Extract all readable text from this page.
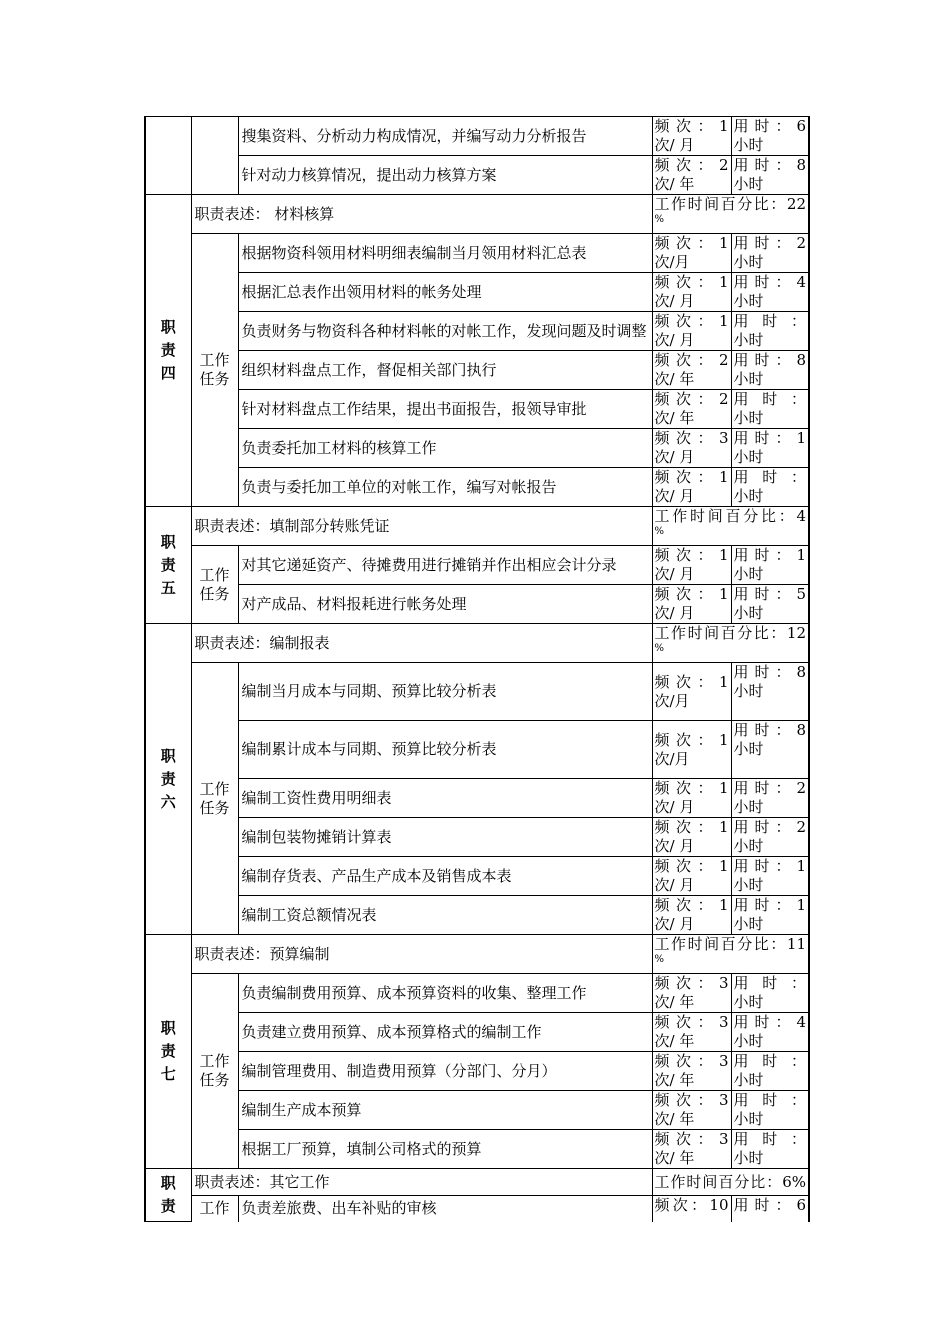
		搜集资料、分析动力构成情况，并编写动力分析报告	频 次 ： 1
次/ 月	用 时 ： 6
小时

		针对动力核算情况，提出动力核算方案	频 次 ： 2
次/ 年	用 时 ： 8
小时

职
责
四	职责表述： 材料核算		工作时间百分比：22
%	

	工作任务	根据物资科领用材料明细表编制当月领用材料汇总表	频 次 ： 1
次/月	用 时 ： 2
小时

		根据汇总表作出领用材料的帐务处理	频 次 ： 1
次/ 月	用 时 ： 4
小时

		负责财务与物资科各种材料帐的对帐工作，发现问题及时调整	频 次 ： 1
次/ 月	用 时 ：
小时

		组织材料盘点工作，督促相关部门执行	频 次 ： 2
次/ 年	用 时 ： 8
小时

		针对材料盘点工作结果，提出书面报告，报领导审批	频 次 ： 2
次/ 年	用 时 ：
小时

		负责委托加工材料的核算工作	频 次 ： 3
次/ 月	用 时 ： 1
小时

		负责与委托加工单位的对帐工作，编写对帐报告	频 次 ： 1
次/ 月	用 时 ：
小时

职
责
五	职责表述：填制部分转账凭证		工作时间百分比：4
%	

	工作任务	对其它递延资产、待摊费用进行摊销并作出相应会计分录	频 次 ： 1
次/ 月	用 时 ： 1
小时

		对产成品、材料报耗进行帐务处理	频 次 ： 1
次/ 月	用 时 ： 5
小时

职
责
六	职责表述：编制报表		工作时间百分比：12
%	

	工作任务	编制当月成本与同期、预算比较分析表	频 次 ： 1
次/月	用 时 ： 8
小时

		编制累计成本与同期、预算比较分析表	频 次 ： 1
次/月	用 时 ： 8
小时

		编制工资性费用明细表	频 次 ： 1
次/ 月	用 时 ： 2
小时

		编制包装物摊销计算表	频 次 ： 1
次/ 月	用 时 ： 2
小时

		编制存货表、产品生产成本及销售成本表	频 次 ： 1
次/ 月	用 时 ： 1
小时

		编制工资总额情况表	频 次 ： 1
次/ 月	用 时 ： 1
小时

职
责
七	职责表述：预算编制		工作时间百分比：11
%	

	工作任务	负责编制费用预算、成本预算资料的收集、整理工作	频 次 ： 3
次/ 年	用 时 ：
小时

		负责建立费用预算、成本预算格式的编制工作	频 次 ： 3
次/ 年	用 时 ： 4
小时

		编制管理费用、制造费用预算（分部门、分月）	频 次 ： 3
次/ 年	用 时 ：
小时

		编制生产成本预算	频 次 ： 3
次/ 年	用 时 ：
小时

		根据工厂预算，填制公司格式的预算	频 次 ： 3
次/ 年	用 时 ：
小时

职
责	职责表述：其它工作		工作时间百分比：6%	

	工作	负责差旅费、出车补贴的审核	频次：10	用 时 ： 6
